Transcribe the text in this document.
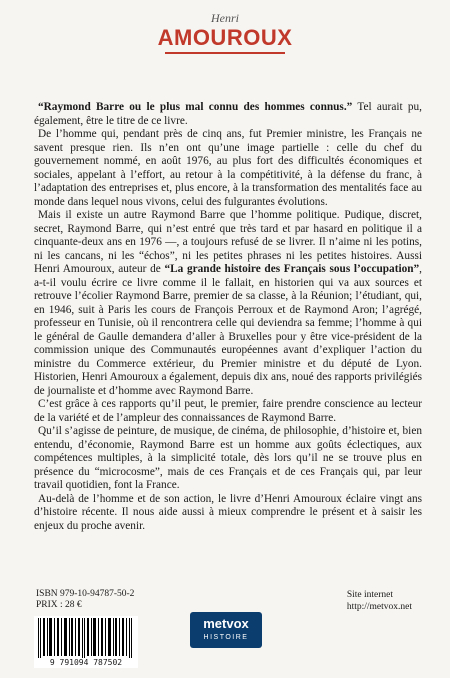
Henri
AMOUROUX

“Raymond Barre ou le plus mal connu des hommes connus.” Tel aurait pu, également, être le titre de ce livre.

De l’homme qui, pendant près de cinq ans, fut Premier ministre, les Français ne savent presque rien. Ils n’en ont qu’une image partielle : celle du chef du gouvernement nommé, en août 1976, au plus fort des difficultés économiques et sociales, appelant à l’effort, au retour à la compétitivité, à la défense du franc, à l’adaptation des entreprises et, plus encore, à la transformation des mentalités face au monde dans lequel nous vivons, celui des fulgurantes évolutions.

Mais il existe un autre Raymond Barre que l’homme politique. Pudique, discret, secret, Raymond Barre, qui n’est entré que très tard et par hasard en politique il a cinquante-deux ans en 1976 —, a toujours refusé de se livrer. Il n’aime ni les potins, ni les cancans, ni les “échos”, ni les petites phrases ni les petites histoires. Aussi Henri Amouroux, auteur de “La grande histoire des Français sous l’occupation”, a-t-il voulu écrire ce livre comme il le fallait, en historien qui va aux sources et retrouve l’écolier Raymond Barre, premier de sa classe, à la Réunion; l’étudiant, qui, en 1946, suit à Paris les cours de François Perroux et de Raymond Aron; l’agrégé, professeur en Tunisie, où il rencontrera celle qui deviendra sa femme; l’homme à qui le général de Gaulle demandera d’aller à Bruxelles pour y être vice-président de la commission unique des Communautés européennes avant d’expliquer l’action du ministre du Commerce extérieur, du Premier ministre et du député de Lyon. Historien, Henri Amouroux a également, depuis dix ans, noué des rapports privilégiés de journaliste et d’homme avec Raymond Barre.

C’est grâce à ces rapports qu’il peut, le premier, faire prendre conscience au lecteur de la variété et de l’ampleur des connaissances de Raymond Barre.

Qu’il s’agisse de peinture, de musique, de cinéma, de philosophie, d’histoire et, bien entendu, d’économie, Raymond Barre est un homme aux goûts éclectiques, aux compétences multiples, à la simplicité totale, dès lors qu’il ne se trouve plus en présence du “microcosme”, mais de ces Français et de ces Français qui, par leur travail quotidien, font la France.

Au-delà de l’homme et de son action, le livre d’Henri Amouroux éclaire vingt ans d’histoire récente. Il nous aide aussi à mieux comprendre le présent et à saisir les enjeux du proche avenir.

ISBN 979-10-94787-50-2
PRIX : 28 €
Site internet
http://metvox.net
9 791094 787502
metvox
HISTOIRE
